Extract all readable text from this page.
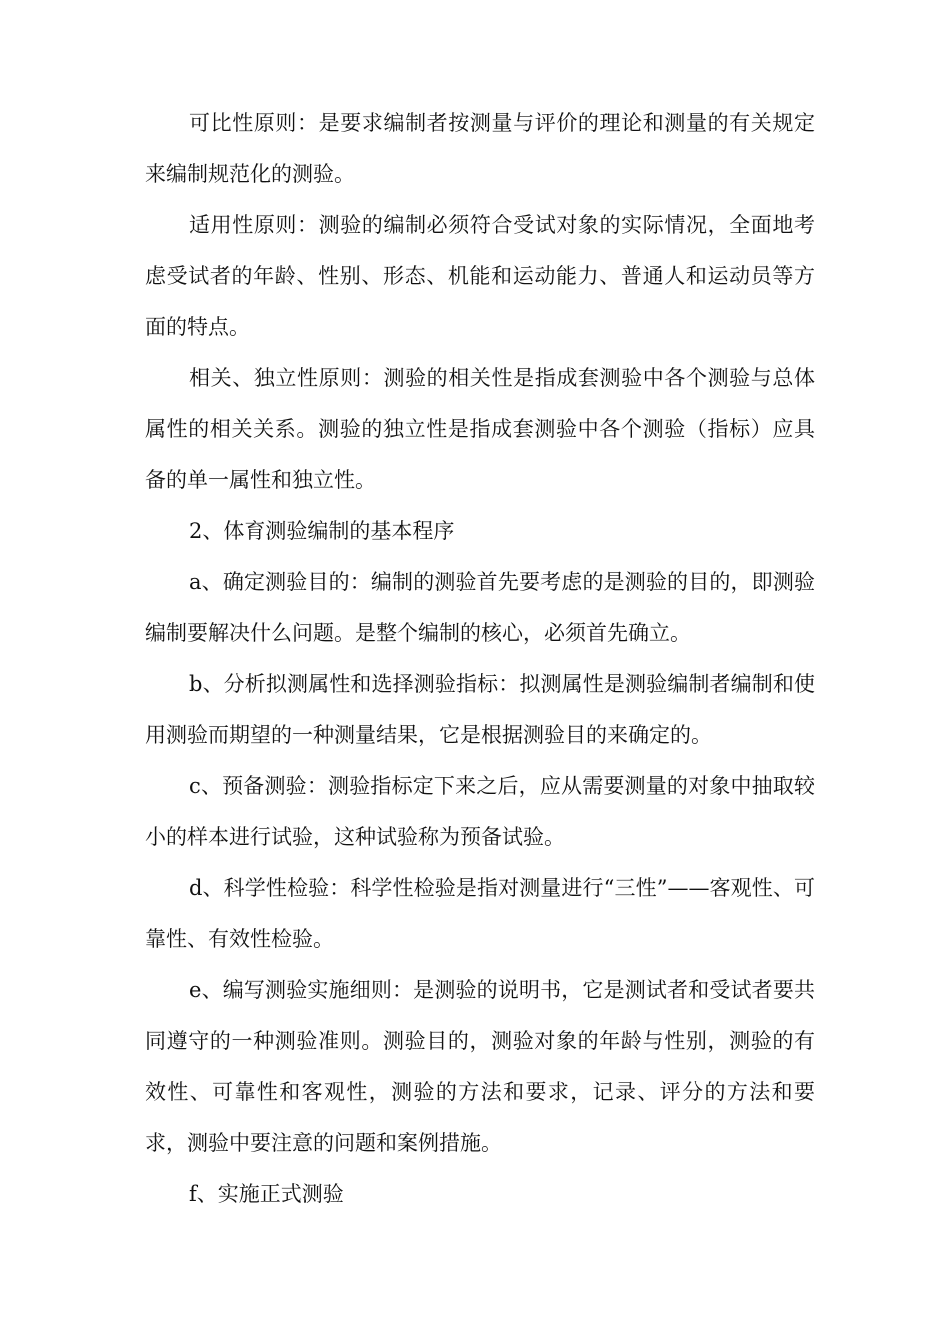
可比性原则：是要求编制者按测量与评价的理论和测量的有关规定来编制规范化的测验。

适用性原则：测验的编制必须符合受试对象的实际情况，全面地考虑受试者的年龄、性别、形态、机能和运动能力、普通人和运动员等方面的特点。

相关、独立性原则：测验的相关性是指成套测验中各个测验与总体属性的相关关系。测验的独立性是指成套测验中各个测验（指标）应具备的单一属性和独立性。

2、体育测验编制的基本程序

a、确定测验目的：编制的测验首先要考虑的是测验的目的，即测验编制要解决什么问题。是整个编制的核心，必须首先确立。

b、分析拟测属性和选择测验指标：拟测属性是测验编制者编制和使用测验而期望的一种测量结果，它是根据测验目的来确定的。

c、预备测验：测验指标定下来之后，应从需要测量的对象中抽取较小的样本进行试验，这种试验称为预备试验。

d、科学性检验：科学性检验是指对测量进行“三性”——客观性、可靠性、有效性检验。

e、编写测验实施细则：是测验的说明书，它是测试者和受试者要共同遵守的一种测验准则。测验目的，测验对象的年龄与性别，测验的有效性、可靠性和客观性，测验的方法和要求，记录、评分的方法和要求，测验中要注意的问题和案例措施。

f、实施正式测验
